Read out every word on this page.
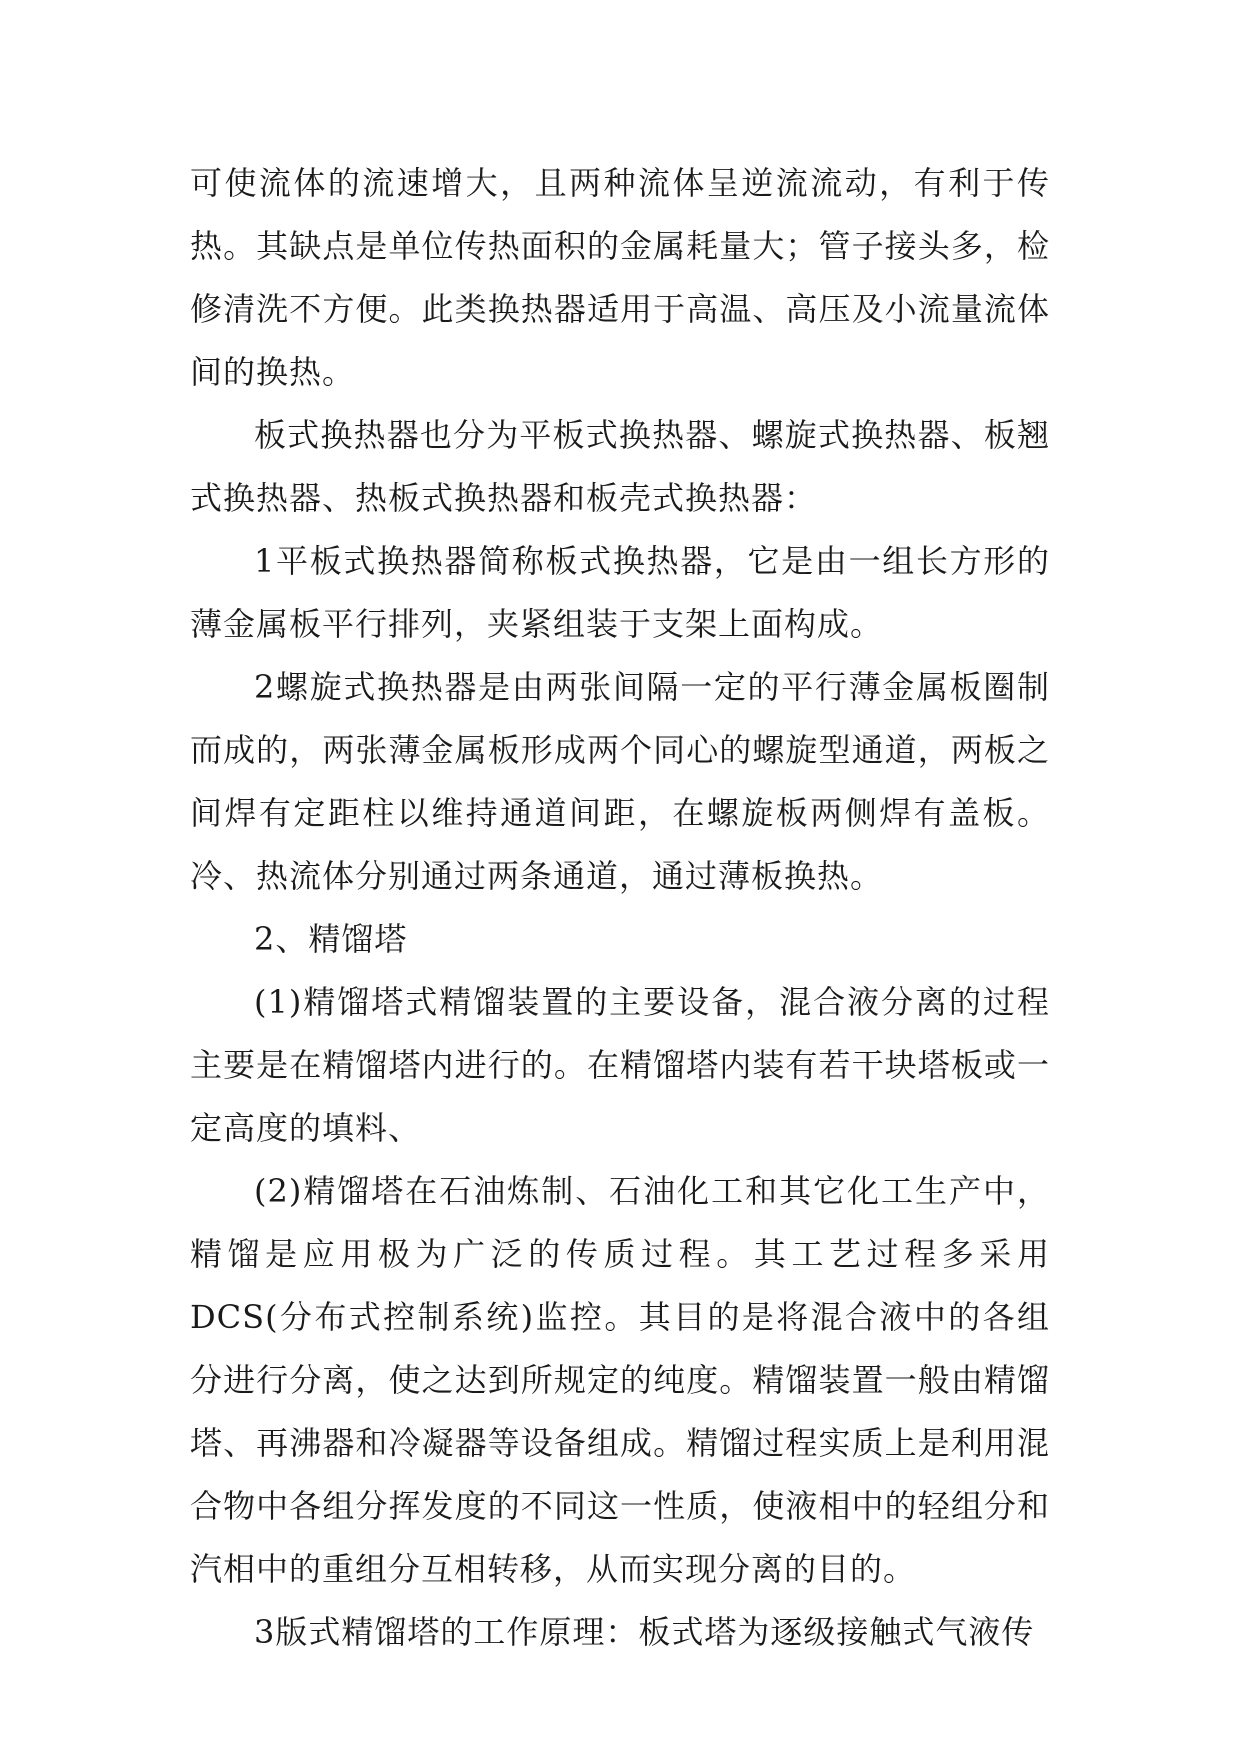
可使流体的流速增大，且两种流体呈逆流流动，有利于传热。其缺点是单位传热面积的金属耗量大；管子接头多，检修清洗不方便。此类换热器适用于高温、高压及小流量流体间的换热。

板式换热器也分为平板式换热器、螺旋式换热器、板翘式换热器、热板式换热器和板壳式换热器：

1平板式换热器简称板式换热器，它是由一组长方形的薄金属板平行排列，夹紧组装于支架上面构成。

2螺旋式换热器是由两张间隔一定的平行薄金属板圈制而成的，两张薄金属板形成两个同心的螺旋型通道，两板之间焊有定距柱以维持通道间距，在螺旋板两侧焊有盖板。冷、热流体分别通过两条通道，通过薄板换热。

2、精馏塔

(1)精馏塔式精馏装置的主要设备，混合液分离的过程主要是在精馏塔内进行的。在精馏塔内装有若干块塔板或一定高度的填料、

(2)精馏塔在石油炼制、石油化工和其它化工生产中，精馏是应用极为广泛的传质过程。其工艺过程多采用DCS(分布式控制系统)监控。其目的是将混合液中的各组分进行分离，使之达到所规定的纯度。精馏装置一般由精馏塔、再沸器和冷凝器等设备组成。精馏过程实质上是利用混合物中各组分挥发度的不同这一性质，使液相中的轻组分和汽相中的重组分互相转移，从而实现分离的目的。

3版式精馏塔的工作原理：板式塔为逐级接触式气液传
